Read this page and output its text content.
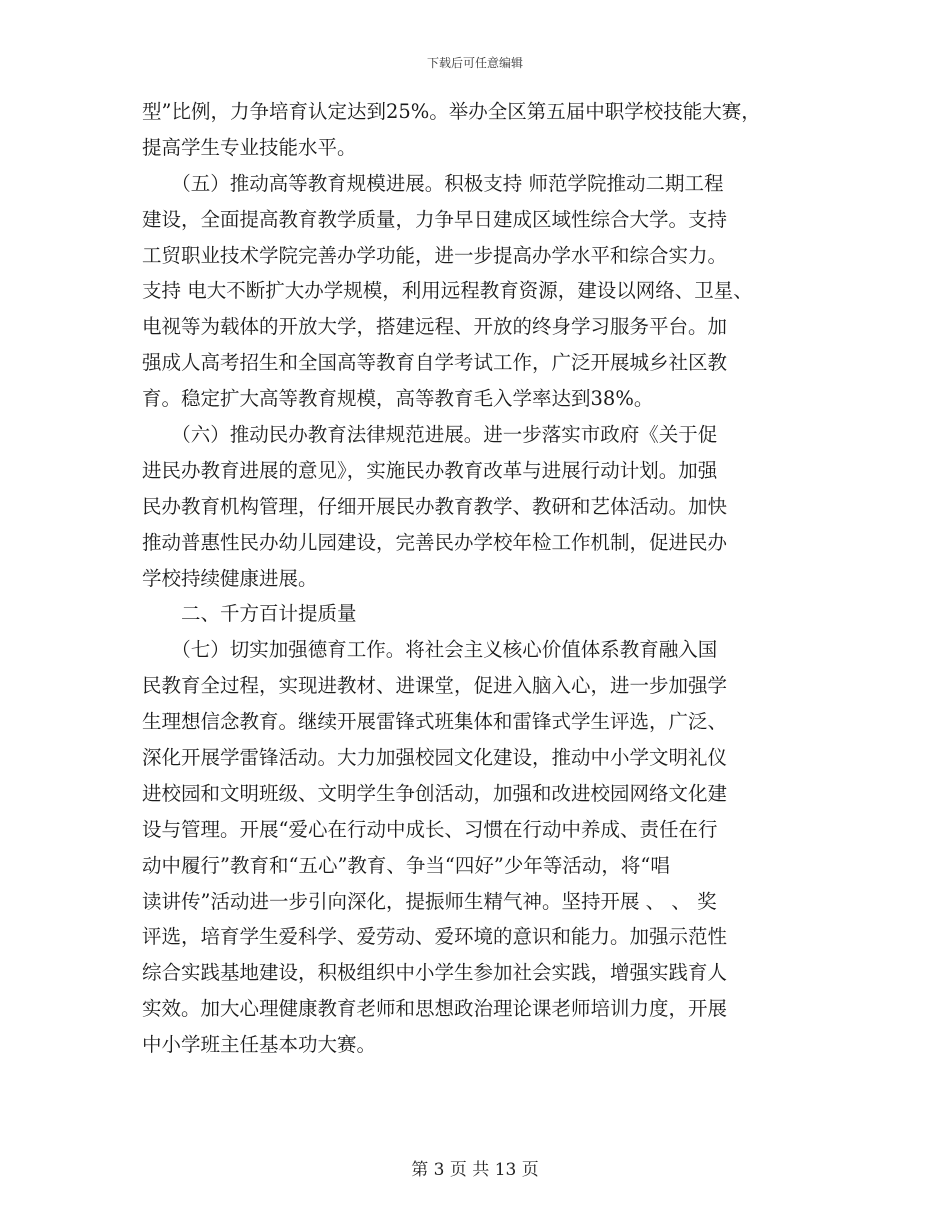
下载后可任意编辑
型”比例，力争培育认定达到25%。举办全区第五届中职学校技能大赛，
提高学生专业技能水平。
　　（五）推动高等教育规模进展。积极支持 师范学院推动二期工程
建设，全面提高教育教学质量，力争早日建成区域性综合大学。支持
工贸职业技术学院完善办学功能，进一步提高办学水平和综合实力。
支持 电大不断扩大办学规模，利用远程教育资源，建设以网络、卫星、
电视等为载体的开放大学，搭建远程、开放的终身学习服务平台。加
强成人高考招生和全国高等教育自学考试工作，广泛开展城乡社区教
育。稳定扩大高等教育规模，高等教育毛入学率达到38%。
　　（六）推动民办教育法律规范进展。进一步落实市政府《关于促
进民办教育进展的意见》，实施民办教育改革与进展行动计划。加强
民办教育机构管理，仔细开展民办教育教学、教研和艺体活动。加快
推动普惠性民办幼儿园建设，完善民办学校年检工作机制，促进民办
学校持续健康进展。
　　二、千方百计提质量
　　（七）切实加强德育工作。将社会主义核心价值体系教育融入国
民教育全过程，实现进教材、进课堂，促进入脑入心，进一步加强学
生理想信念教育。继续开展雷锋式班集体和雷锋式学生评选，广泛、
深化开展学雷锋活动。大力加强校园文化建设，推动中小学文明礼仪
进校园和文明班级、文明学生争创活动，加强和改进校园网络文化建
设与管理。开展“爱心在行动中成长、习惯在行动中养成、责任在行
动中履行”教育和“五心”教育、争当“四好”少年等活动，将“唱
读讲传”活动进一步引向深化，提振师生精气神。坚持开展 、 、 奖
评选，培育学生爱科学、爱劳动、爱环境的意识和能力。加强示范性
综合实践基地建设，积极组织中小学生参加社会实践，增强实践育人
实效。加大心理健康教育老师和思想政治理论课老师培训力度，开展
中小学班主任基本功大赛。
第 3 页 共 13 页
